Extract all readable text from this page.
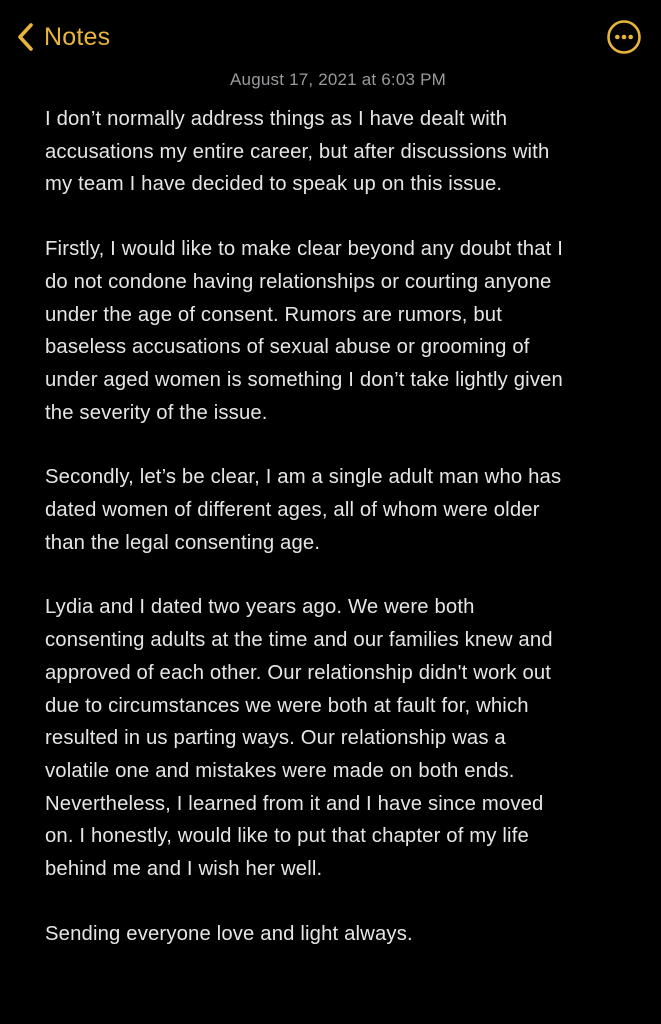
Notes
August 17, 2021 at 6:03 PM
I don’t normally address things as I have dealt with
accusations my entire career, but after discussions with
my team I have decided to speak up on this issue.
Firstly, I would like to make clear beyond any doubt that I
do not condone having relationships or courting anyone
under the age of consent. Rumors are rumors, but
baseless accusations of sexual abuse or grooming of
under aged women is something I don’t take lightly given
the severity of the issue.
Secondly, let’s be clear, I am a single adult man who has
dated women of different ages, all of whom were older
than the legal consenting age.
Lydia and I dated two years ago. We were both
consenting adults at the time and our families knew and
approved of each other. Our relationship didn't work out
due to circumstances we were both at fault for, which
resulted in us parting ways. Our relationship was a
volatile one and mistakes were made on both ends.
Nevertheless, I learned from it and I have since moved
on. I honestly, would like to put that chapter of my life
behind me and I wish her well.
Sending everyone love and light always.
